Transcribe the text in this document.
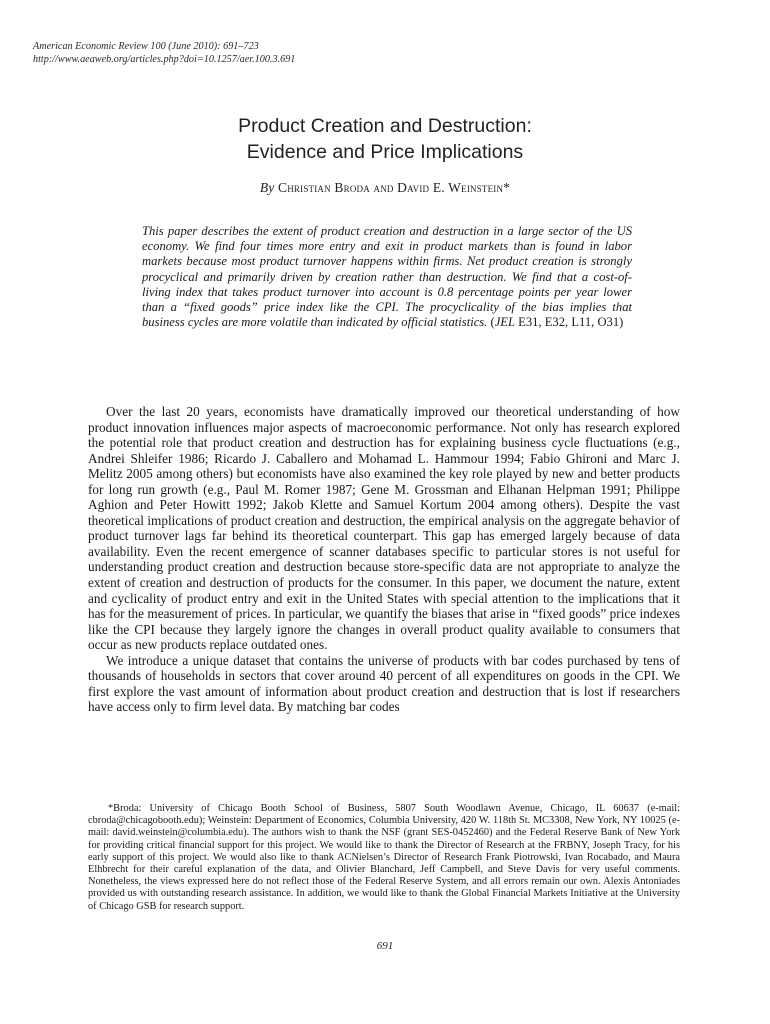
American Economic Review 100 (June 2010): 691–723
http://www.aeaweb.org/articles.php?doi=10.1257/aer.100.3.691
Product Creation and Destruction:
Evidence and Price Implications
By Christian Broda and David E. Weinstein*
This paper describes the extent of product creation and destruction in a large sector of the US economy. We find four times more entry and exit in product markets than is found in labor markets because most product turnover happens within firms. Net product creation is strongly procyclical and primarily driven by creation rather than destruction. We find that a cost-of-living index that takes product turnover into account is 0.8 percentage points per year lower than a “fixed goods” price index like the CPI. The procyclicality of the bias implies that business cycles are more volatile than indicated by official statistics. (JEL E31, E32, L11, O31)

Over the last 20 years, economists have dramatically improved our theoretical understanding of how product innovation influences major aspects of macroeconomic performance. Not only has research explored the potential role that product creation and destruction has for explaining business cycle fluctuations (e.g., Andrei Shleifer 1986; Ricardo J. Caballero and Mohamad L. Hammour 1994; Fabio Ghironi and Marc J. Melitz 2005 among others) but economists have also examined the key role played by new and better products for long run growth (e.g., Paul M. Romer 1987; Gene M. Grossman and Elhanan Helpman 1991; Philippe Aghion and Peter Howitt 1992; Jakob Klette and Samuel Kortum 2004 among others). Despite the vast theoretical implications of product creation and destruction, the empirical analysis on the aggregate behavior of product turnover lags far behind its theoretical counterpart. This gap has emerged largely because of data availability. Even the recent emergence of scanner databases specific to particular stores is not useful for understanding product creation and destruction because store-specific data are not appropriate to analyze the extent of creation and destruction of products for the consumer. In this paper, we document the nature, extent and cyclicality of product entry and exit in the United States with special attention to the implications that it has for the measurement of prices. In particular, we quantify the biases that arise in “fixed goods” price indexes like the CPI because they largely ignore the changes in overall product quality available to consumers that occur as new products replace outdated ones.

We introduce a unique dataset that contains the universe of products with bar codes purchased by tens of thousands of households in sectors that cover around 40 percent of all expenditures on goods in the CPI. We first explore the vast amount of information about product creation and destruction that is lost if researchers have access only to firm level data. By matching bar codes

*Broda: University of Chicago Booth School of Business, 5807 South Woodlawn Avenue, Chicago, IL 60637 (e-mail: cbroda@chicagobooth.edu); Weinstein: Department of Economics, Columbia University, 420 W. 118th St. MC3308, New York, NY 10025 (e-mail: david.weinstein@columbia.edu). The authors wish to thank the NSF (grant SES-0452460) and the Federal Reserve Bank of New York for providing critical financial support for this project. We would like to thank the Director of Research at the FRBNY, Joseph Tracy, for his early support of this project. We would also like to thank ACNielsen’s Director of Research Frank Piotrowski, Ivan Rocabado, and Maura Elhbrecht for their careful explanation of the data, and Olivier Blanchard, Jeff Campbell, and Steve Davis for very useful comments. Nonetheless, the views expressed here do not reflect those of the Federal Reserve System, and all errors remain our own. Alexis Antoniades provided us with outstanding research assistance. In addition, we would like to thank the Global Financial Markets Initiative at the University of Chicago GSB for research support.

691
